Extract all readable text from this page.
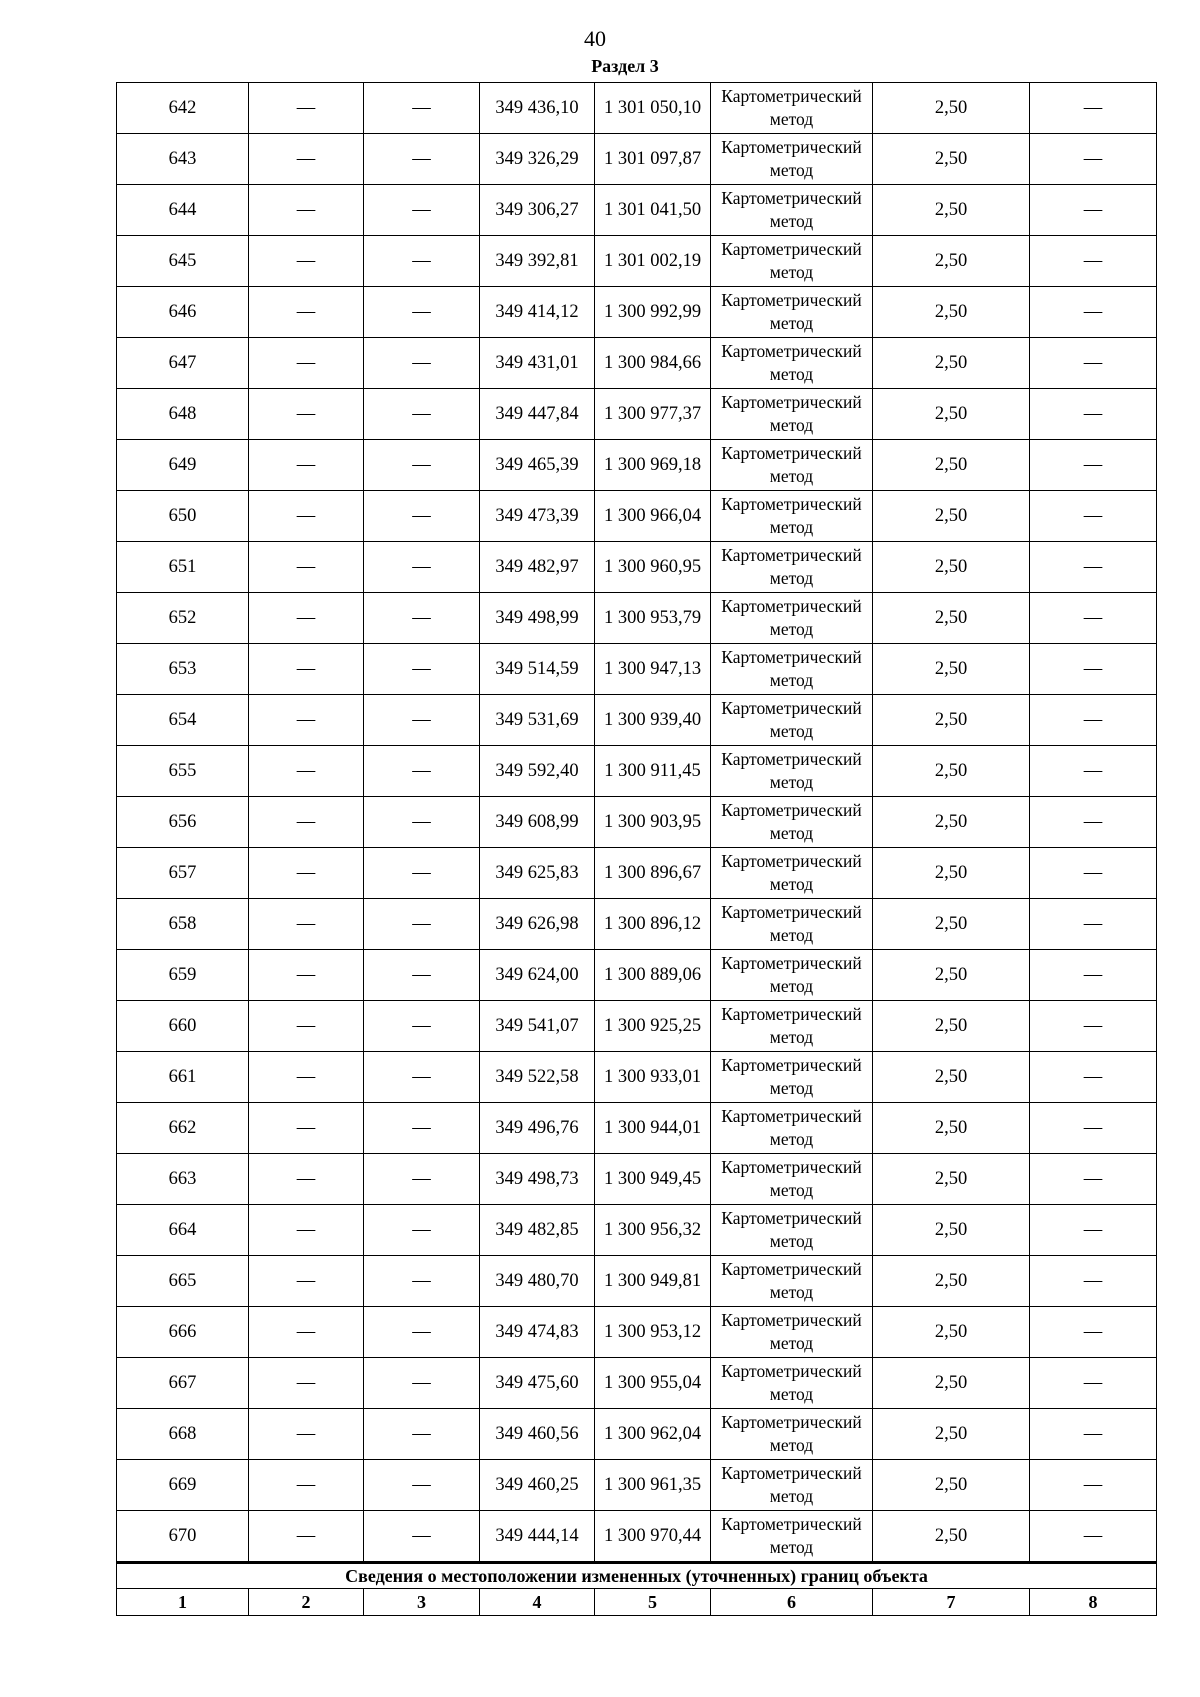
40
Раздел 3
642	—	—	349 436,10	1 301 050,10	Картометрический метод	2,50	—
643	—	—	349 326,29	1 301 097,87	Картометрический метод	2,50	—
644	—	—	349 306,27	1 301 041,50	Картометрический метод	2,50	—
645	—	—	349 392,81	1 301 002,19	Картометрический метод	2,50	—
646	—	—	349 414,12	1 300 992,99	Картометрический метод	2,50	—
647	—	—	349 431,01	1 300 984,66	Картометрический метод	2,50	—
648	—	—	349 447,84	1 300 977,37	Картометрический метод	2,50	—
649	—	—	349 465,39	1 300 969,18	Картометрический метод	2,50	—
650	—	—	349 473,39	1 300 966,04	Картометрический метод	2,50	—
651	—	—	349 482,97	1 300 960,95	Картометрический метод	2,50	—
652	—	—	349 498,99	1 300 953,79	Картометрический метод	2,50	—
653	—	—	349 514,59	1 300 947,13	Картометрический метод	2,50	—
654	—	—	349 531,69	1 300 939,40	Картометрический метод	2,50	—
655	—	—	349 592,40	1 300 911,45	Картометрический метод	2,50	—
656	—	—	349 608,99	1 300 903,95	Картометрический метод	2,50	—
657	—	—	349 625,83	1 300 896,67	Картометрический метод	2,50	—
658	—	—	349 626,98	1 300 896,12	Картометрический метод	2,50	—
659	—	—	349 624,00	1 300 889,06	Картометрический метод	2,50	—
660	—	—	349 541,07	1 300 925,25	Картометрический метод	2,50	—
661	—	—	349 522,58	1 300 933,01	Картометрический метод	2,50	—
662	—	—	349 496,76	1 300 944,01	Картометрический метод	2,50	—
663	—	—	349 498,73	1 300 949,45	Картометрический метод	2,50	—
664	—	—	349 482,85	1 300 956,32	Картометрический метод	2,50	—
665	—	—	349 480,70	1 300 949,81	Картометрический метод	2,50	—
666	—	—	349 474,83	1 300 953,12	Картометрический метод	2,50	—
667	—	—	349 475,60	1 300 955,04	Картометрический метод	2,50	—
668	—	—	349 460,56	1 300 962,04	Картометрический метод	2,50	—
669	—	—	349 460,25	1 300 961,35	Картометрический метод	2,50	—
670	—	—	349 444,14	1 300 970,44	Картометрический метод	2,50	—
Сведения о местоположении измененных (уточненных) границ объекта							
1	2	3	4	5	6	7	8
